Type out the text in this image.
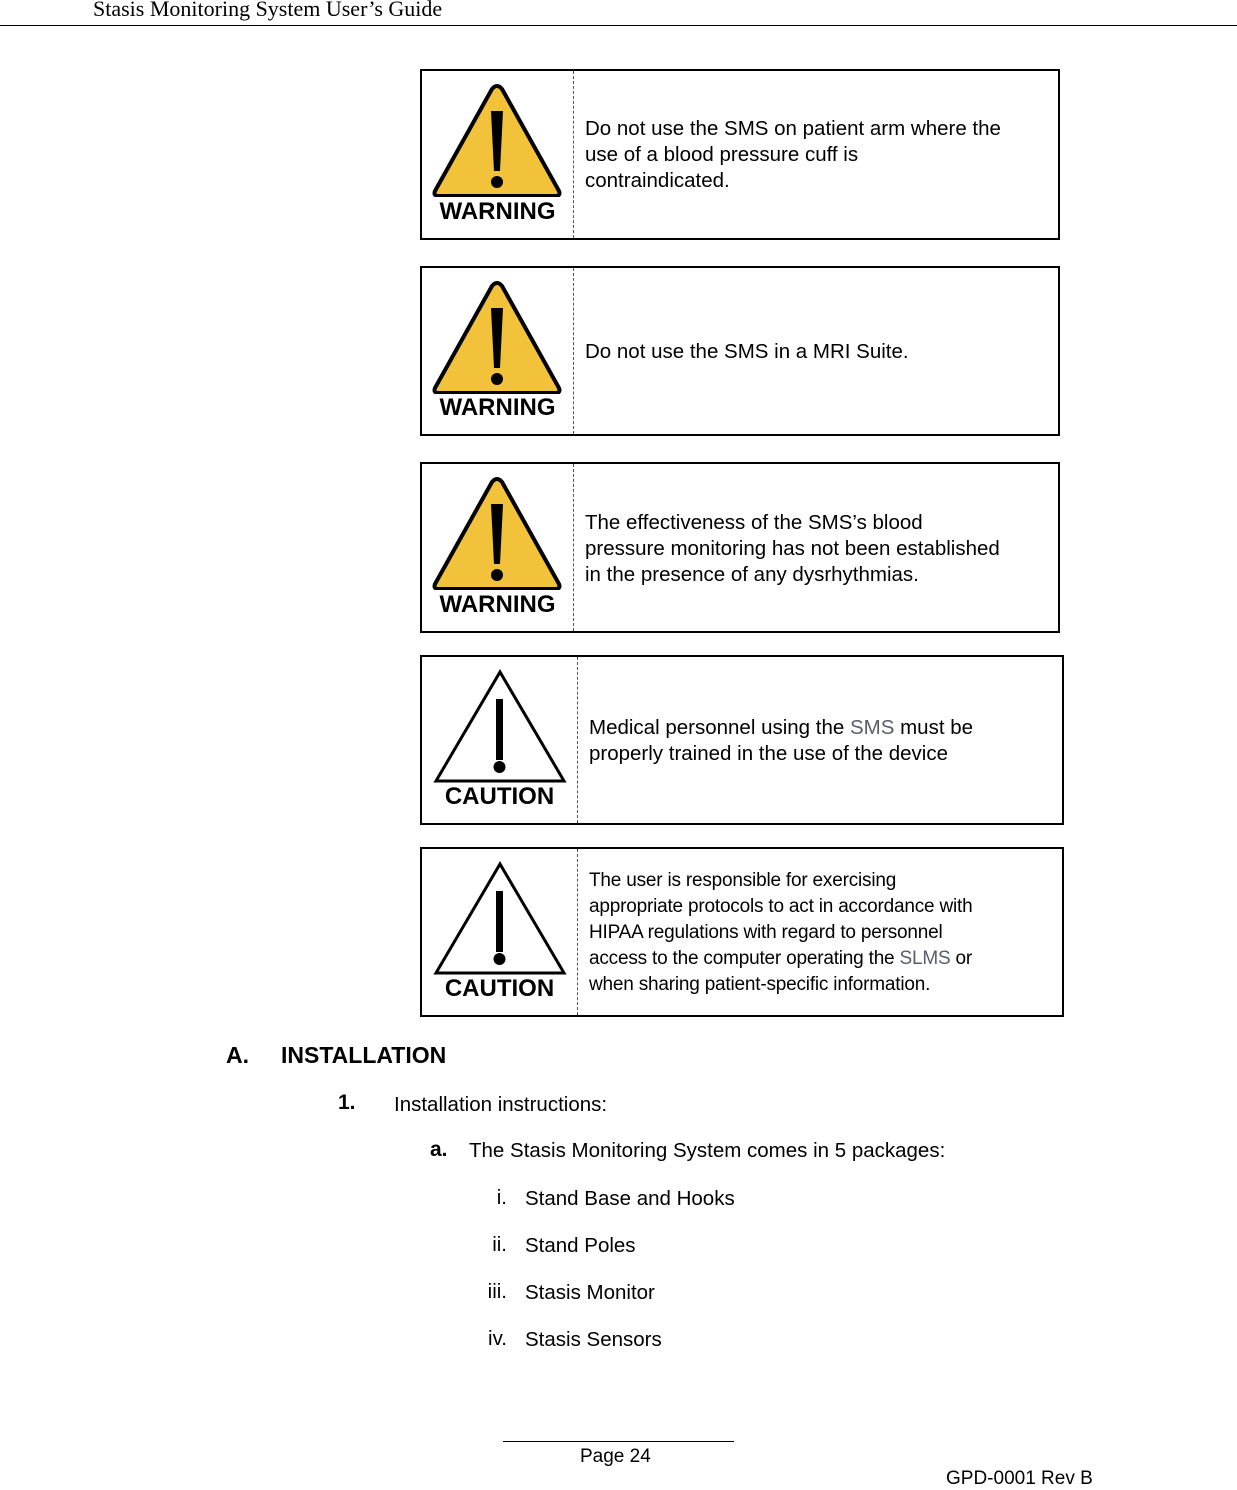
Stasis Monitoring System User’s Guide
WARNING
Do not use the SMS on patient arm where the
use of a blood pressure cuff is
contraindicated.
WARNING
Do not use the SMS in a MRI Suite.
WARNING
The effectiveness of the SMS’s blood
pressure monitoring has not been established
in the presence of any dysrhythmias.
CAUTION
Medical personnel using the SMS must be
properly trained in the use of the device
CAUTION
The user is responsible for exercising
appropriate protocols to act in accordance with
HIPAA regulations with regard to personnel
access to the computer operating the SLMS or
when sharing patient-specific information.
A. INSTALLATION
1. Installation instructions:
a. The Stasis Monitoring System comes in 5 packages:
i. Stand Base and Hooks
ii. Stand Poles
iii. Stasis Monitor
iv. Stasis Sensors
Page 24
GPD-0001 Rev B
